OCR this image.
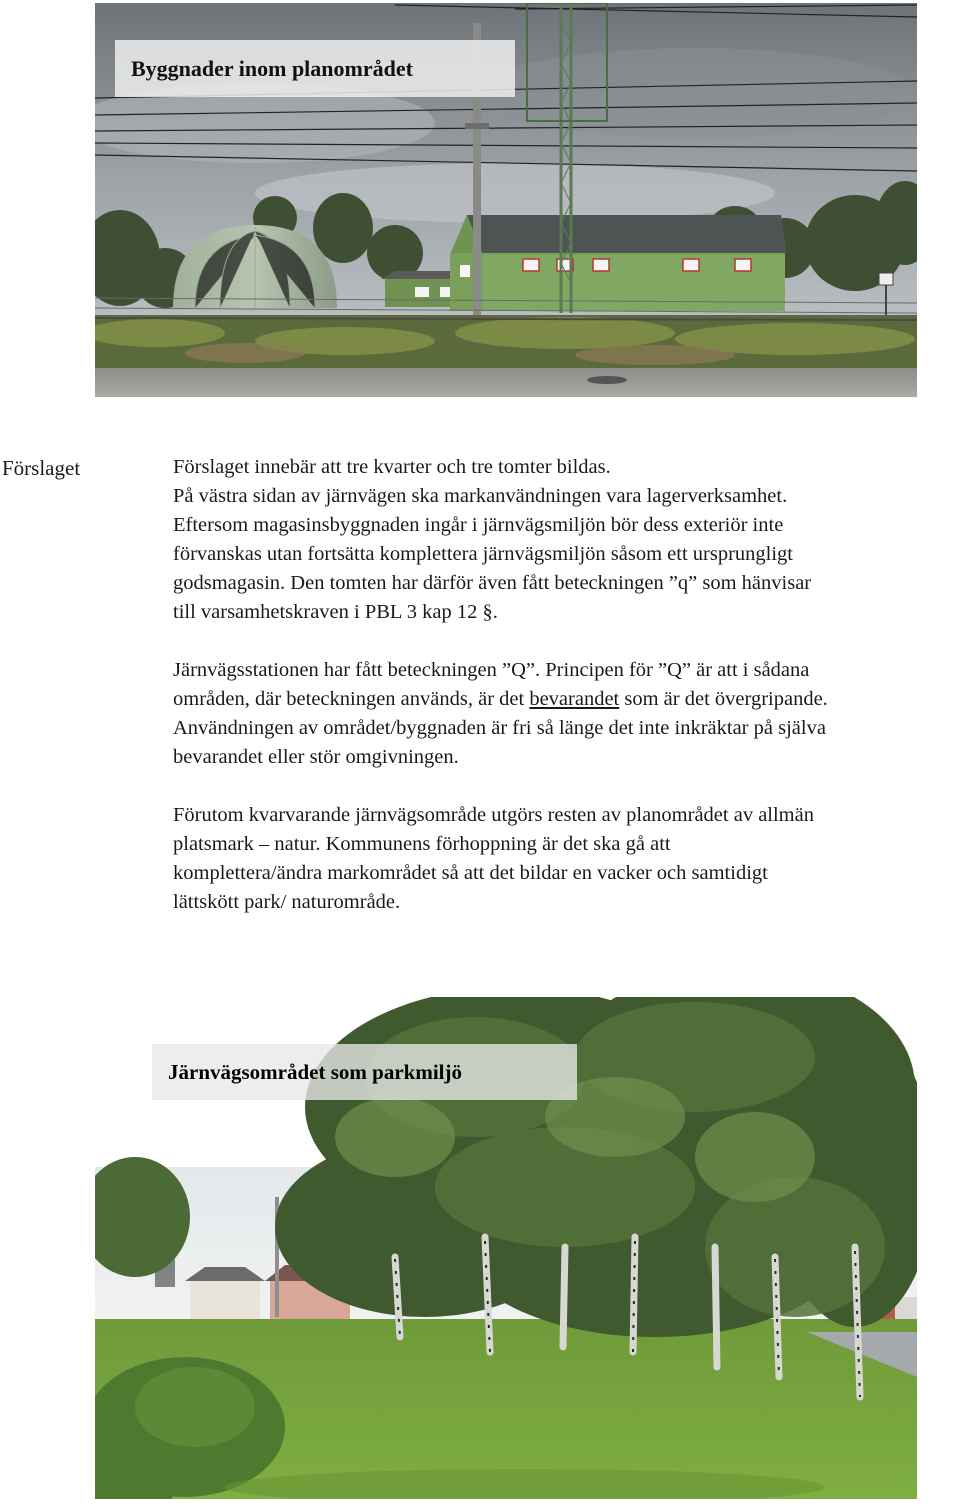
Byggnader inom planområdet
Förslaget	Förslaget innebär att tre kvarter och tre tomter bildas.
På västra sidan av järnvägen ska markanvändningen vara lagerverksamhet.
Eftersom magasinsbyggnaden ingår i järnvägsmiljön bör dess exteriör inte
förvanskas utan fortsätta komplettera järnvägsmiljön såsom ett ursprungligt
godsmagasin. Den tomten har därför även fått beteckningen ”q” som hänvisar
till varsamhetskraven i PBL 3 kap 12 §.

Järnvägsstationen har fått beteckningen ”Q”. Principen för ”Q” är att i sådana
områden, där beteckningen används, är det bevarandet som är det övergripande.
Användningen av området/byggnaden är fri så länge det inte inkräktar på själva
bevarandet eller stör omgivningen.

Förutom kvarvarande järnvägsområde utgörs resten av planområdet av allmän
platsmark – natur. Kommunens förhoppning är det ska gå att
komplettera/ändra markområdet så att det bildar en vacker och samtidigt
lättskött park/ naturområde.

Järnvägsområdet som parkmiljö
